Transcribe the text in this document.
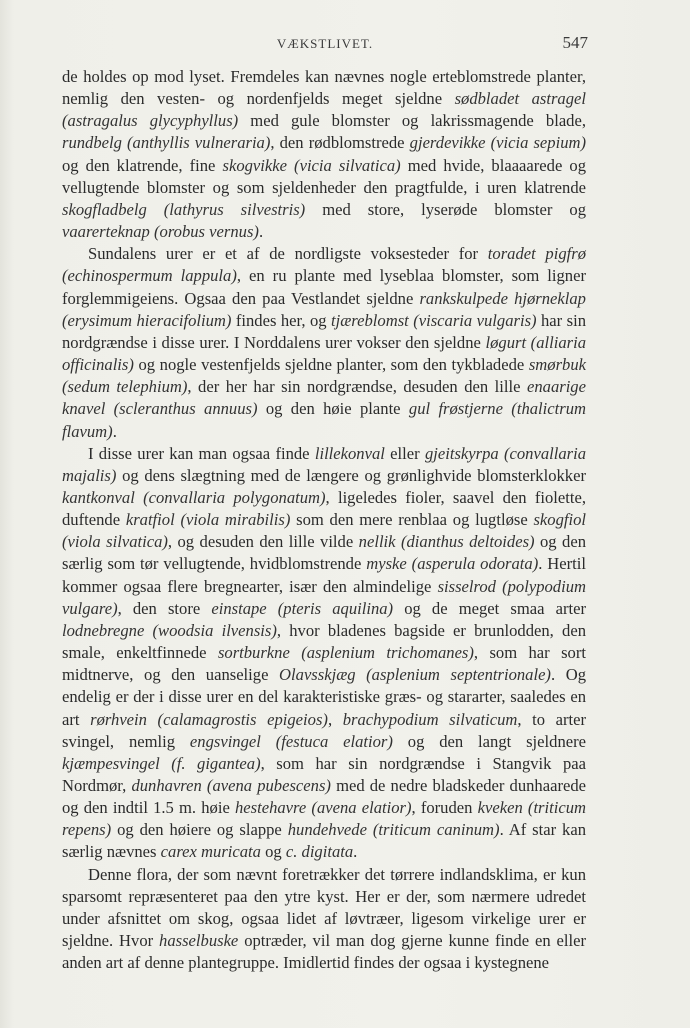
VÆKSTLIVET.	547

de holdes op mod lyset. Fremdeles kan nævnes nogle erteblomstrede planter, nemlig den vesten- og nordenfjelds meget sjeldne sødbladet astragel (astragalus glycyphyllus) med gule blomster og lakrissmagende blade, rundbelg (anthyllis vulneraria), den rødblomstrede gjerdevikke (vicia sepium) og den klatrende, fine skogvikke (vicia silvatica) med hvide, blaaaarede og vellugtende blomster og som sjeldenheder den pragtfulde, i uren klatrende skogfladbelg (lathyrus silvestris) med store, lyserøde blomster og vaarerteknap (orobus vernus).

Sundalens urer er et af de nordligste voksesteder for toradet pigfrø (echinospermum lappula), en ru plante med lyseblaa blomster, som ligner forglemmigeiens. Ogsaa den paa Vestlandet sjeldne rankskulpede hjørneklap (erysimum hieracifolium) findes her, og tjæreblomst (viscaria vulgaris) har sin nordgrændse i disse urer. I Norddalens urer vokser den sjeldne løgurt (alliaria officinalis) og nogle vestenfjelds sjeldne planter, som den tykbladede smørbuk (sedum telephium), der her har sin nordgrændse, desuden den lille enaarige knavel (scleranthus annuus) og den høie plante gul frøstjerne (thalictrum flavum).

I disse urer kan man ogsaa finde lillekonval eller gjeitskyrpa (convallaria majalis) og dens slægtning med de længere og grønlighvide blomsterklokker kantkonval (convallaria polygonatum), ligeledes fioler, saavel den fiolette, duftende kratfiol (viola mirabilis) som den mere renblaa og lugtløse skogfiol (viola silvatica), og desuden den lille vilde nellik (dianthus deltoides) og den særlig som tør vellugtende, hvidblomstrende myske (asperula odorata). Hertil kommer ogsaa flere bregnearter, især den almindelige sisselrod (polypodium vulgare), den store einstape (pteris aquilina) og de meget smaa arter lodnebregne (woodsia ilvensis), hvor bladenes bagside er brunlodden, den smale, enkeltfinnede sortburkne (asplenium trichomanes), som har sort midtnerve, og den uanselige Olavsskjæg (asplenium septentrionale). Og endelig er der i disse urer en del karakteristiske græs- og stararter, saaledes en art rørhvein (calamagrostis epigeios), brachypodium silvaticum, to arter svingel, nemlig engsvingel (festuca elatior) og den langt sjeldnere kjæmpesvingel (f. gigantea), som har sin nordgrændse i Stangvik paa Nordmør, dunhavren (avena pubescens) med de nedre bladskeder dunhaarede og den indtil 1.5 m. høie hestehavre (avena elatior), foruden kveken (triticum repens) og den høiere og slappe hundehvede (triticum caninum). Af star kan særlig nævnes carex muricata og c. digitata.

Denne flora, der som nævnt foretrækker det tørrere indlandsklima, er kun sparsomt repræsenteret paa den ytre kyst. Her er der, som nærmere udredet under afsnittet om skog, ogsaa lidet af løvtræer, ligesom virkelige urer er sjeldne. Hvor hasselbuske optræder, vil man dog gjerne kunne finde en eller anden art af denne plantegruppe. Imidlertid findes der ogsaa i kystegnene
